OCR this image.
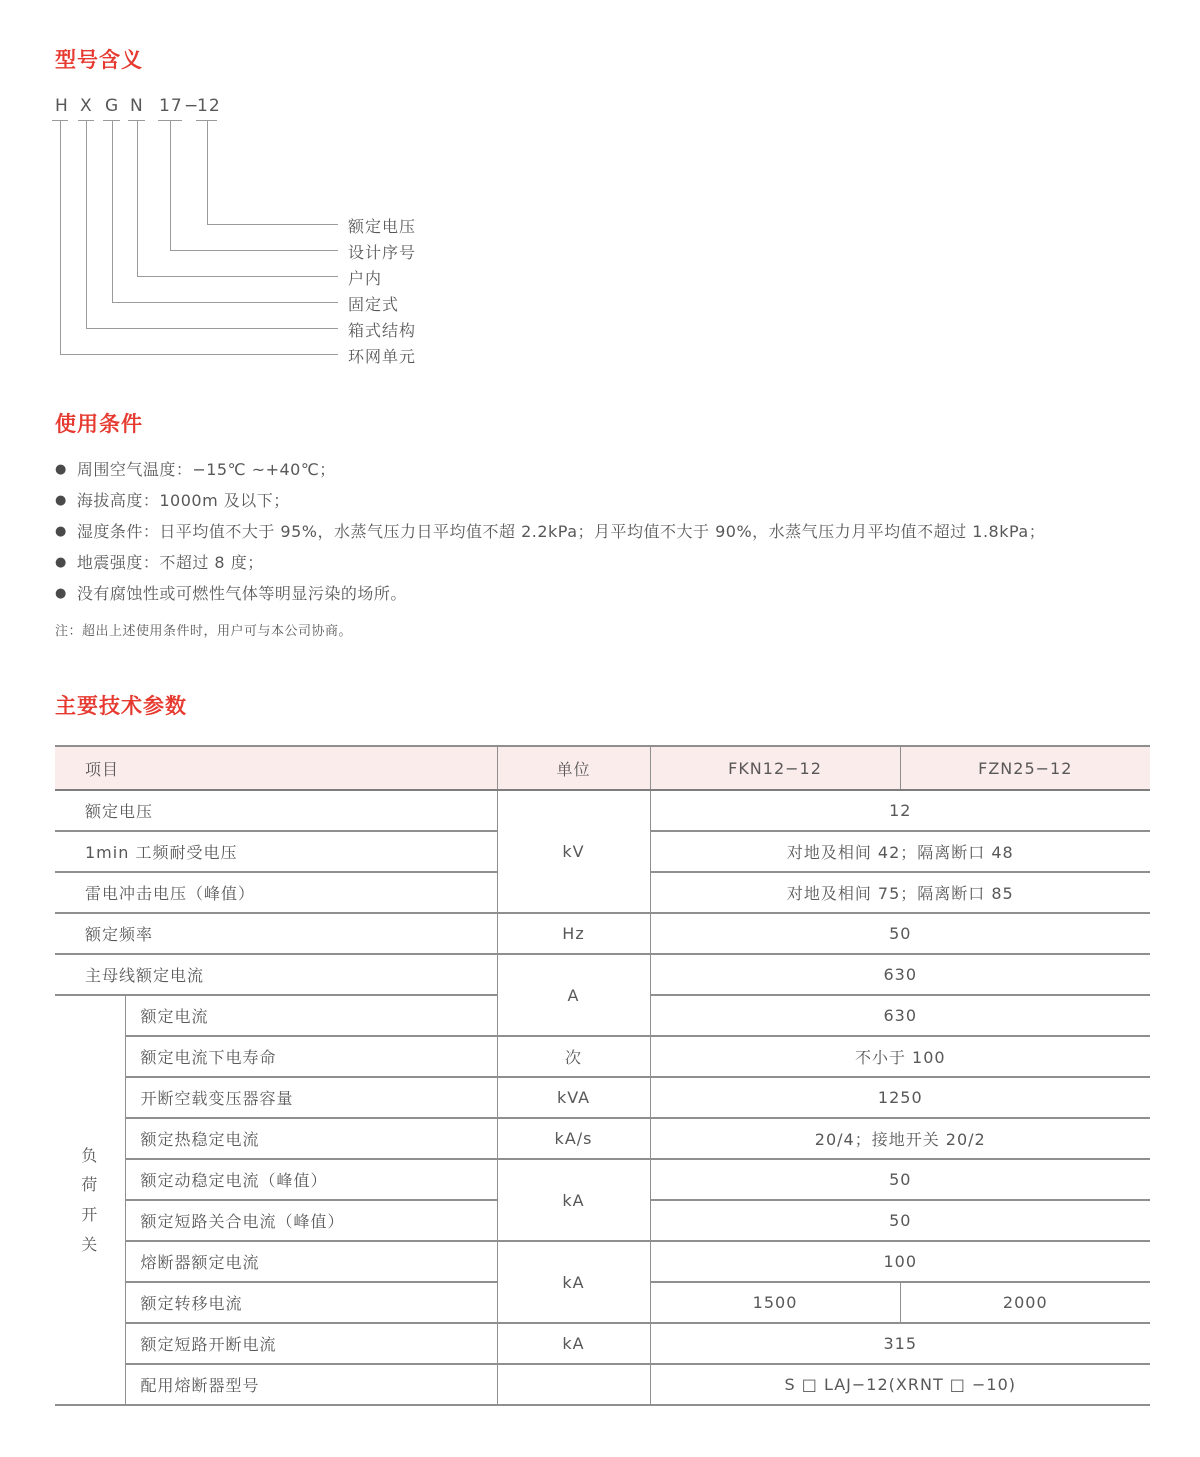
型号含义
H X G N 17 −
12
额定电压
设计序号
户内
固定式
箱式结构
环网单元
使用条件
● 周围空气温度：−15℃ ~+40℃；
● 海拔高度：1000m 及以下；
● 湿度条件：日平均值不大于 95%，水蒸气压力日平均值不超 2.2kPa；月平均值不大于 90%，水蒸气压力月平均值不超过 1.8kPa；
● 地震强度：不超过 8 度；
● 没有腐蚀性或可燃性气体等明显污染的场所。
注：超出上述使用条件时，用户可与本公司协商。
主要技术参数
项目		单位	FKN12−12	FZN25−12
额定电压		kV	12	
1min 工频耐受电压			对地及相间 42；隔离断口 48	
雷电冲击电压（峰值）			对地及相间 75；隔离断口 85	
额定频率		Hz	50	
主母线额定电流		A	630	

负荷开关	额定电流		630	
	额定电流下电寿命	次	不小于 100	
	开断空载变压器容量	kVA	1250	
	额定热稳定电流	kA/s	20/4；接地开关 20/2	
	额定动稳定电流（峰值）	kA	50	
	额定短路关合电流（峰值）		50	
	熔断器额定电流	kA	100	
	额定转移电流		1500	2000
	额定短路开断电流	kA	315	
	配用熔断器型号		S □ LAJ−12(XRNT □ −10)	
